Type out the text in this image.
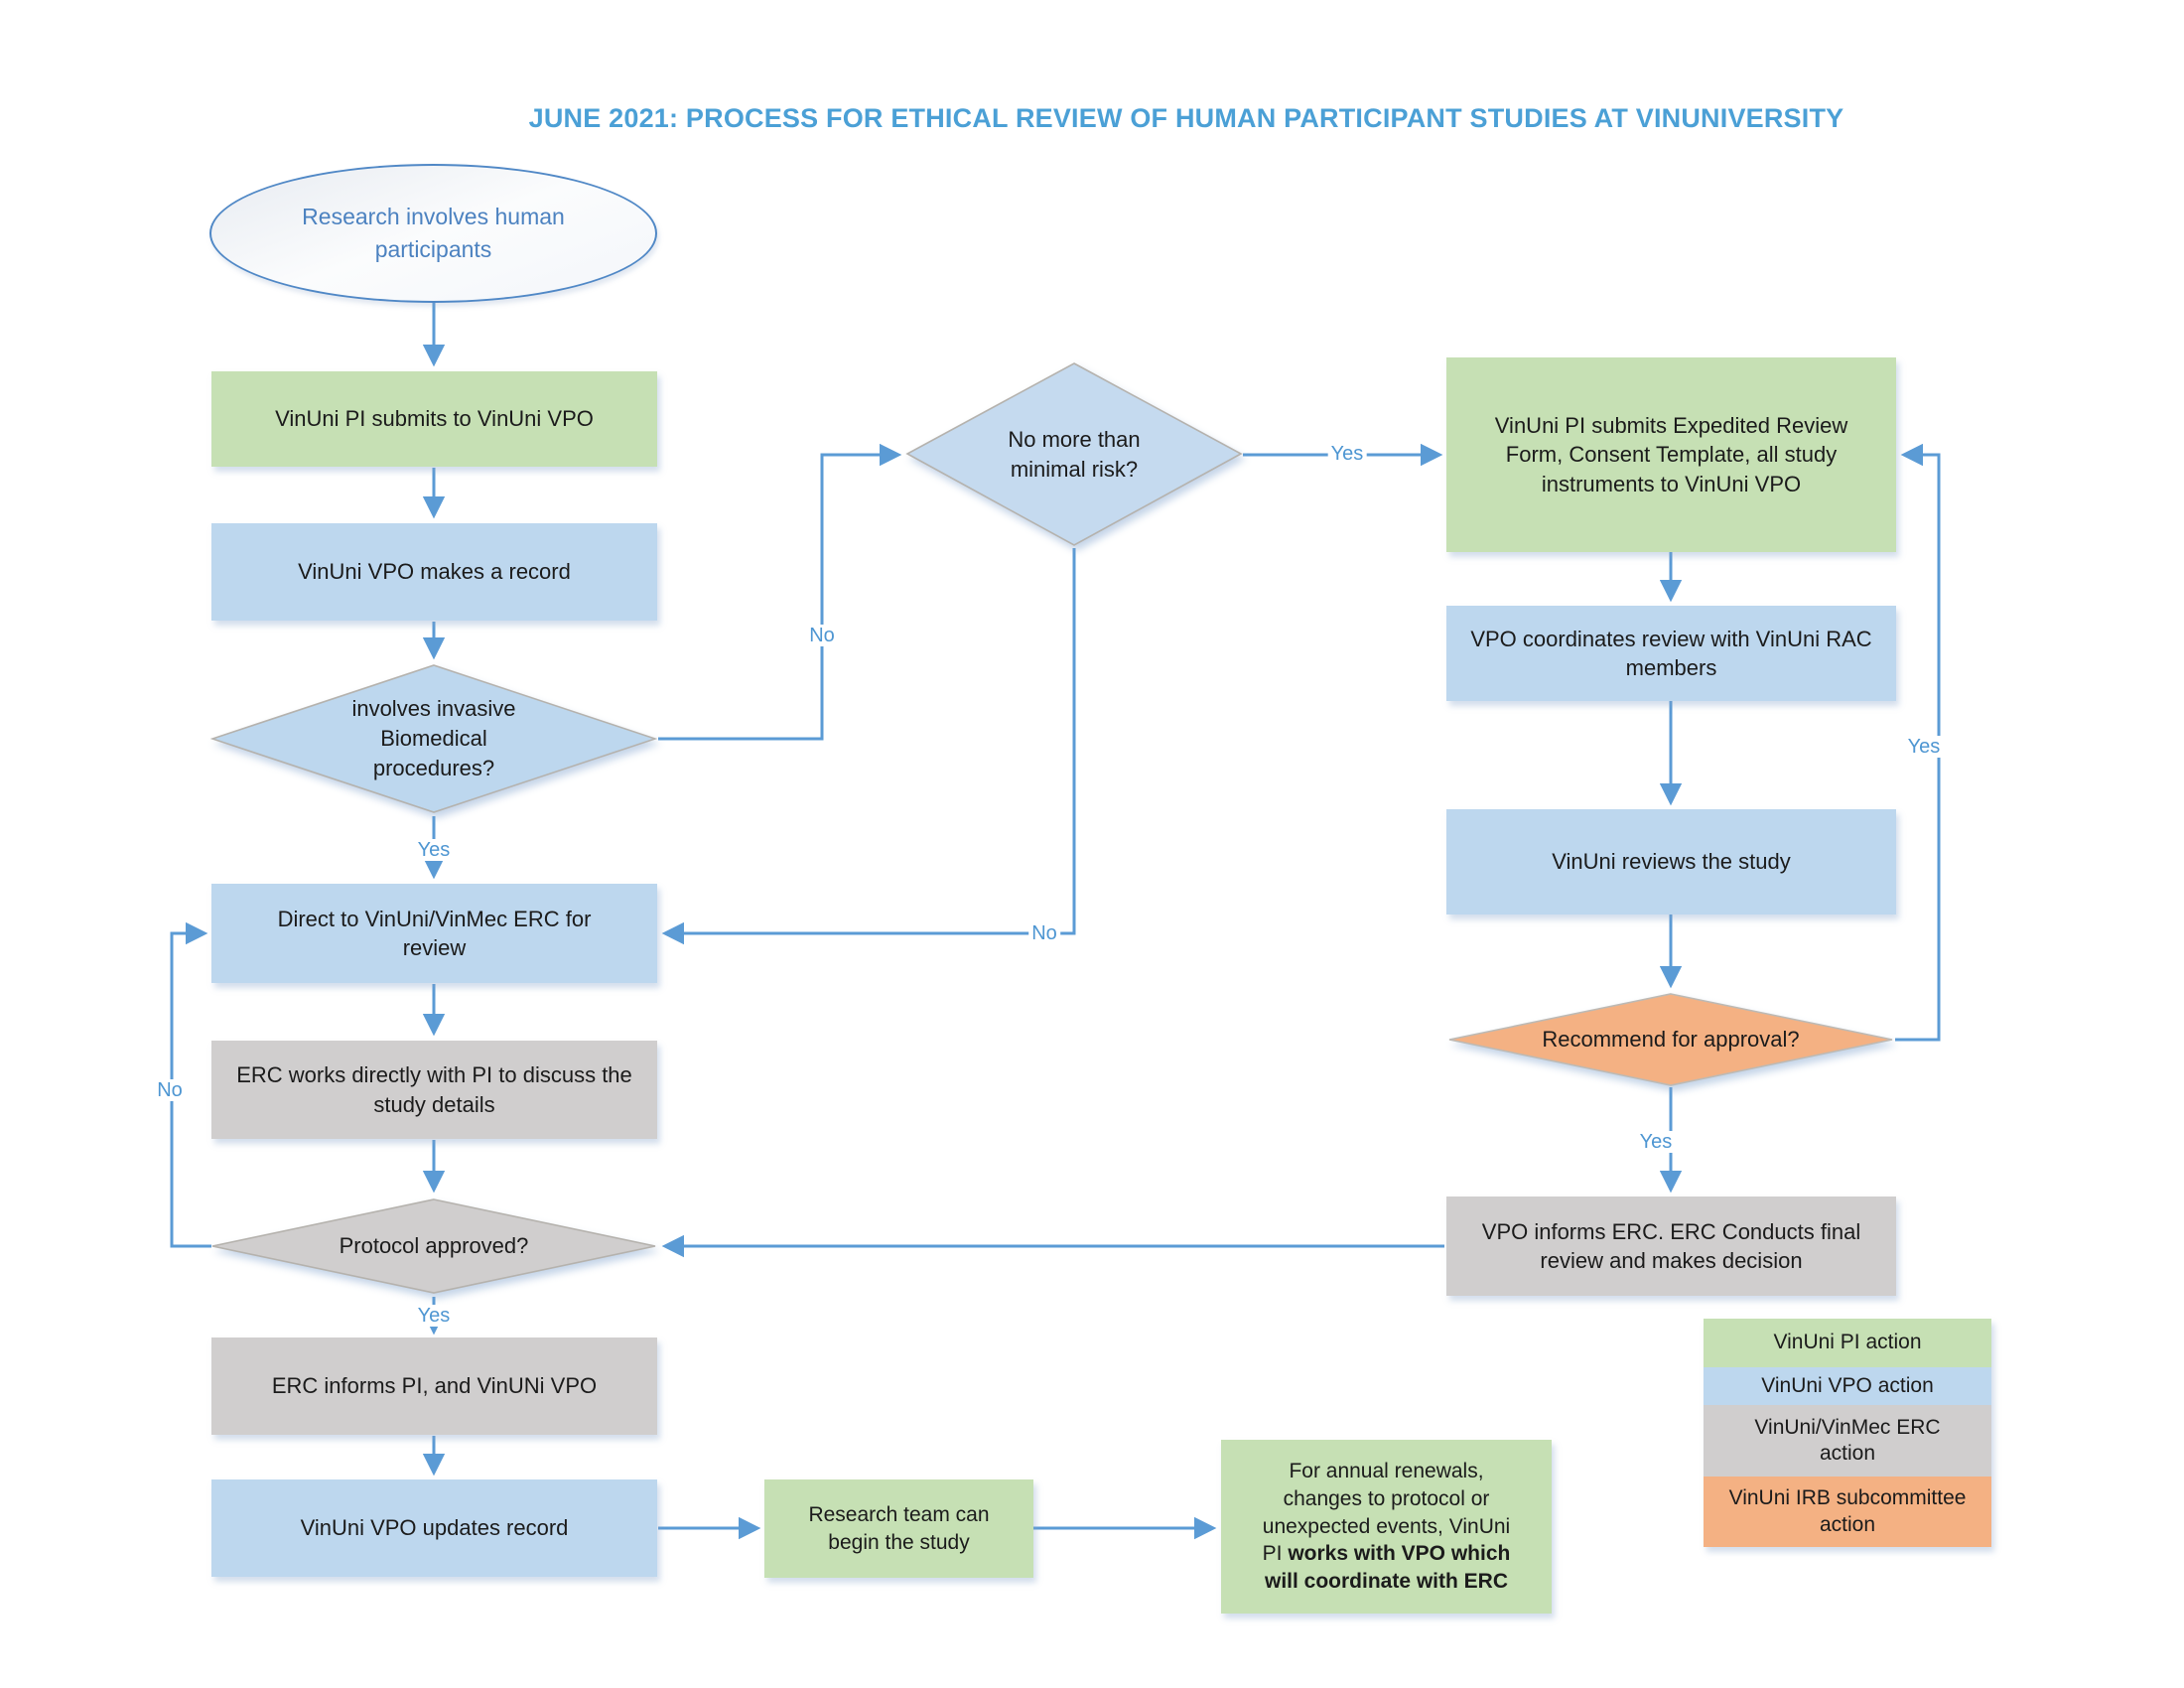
JUNE 2021: PROCESS FOR ETHICAL REVIEW OF HUMAN PARTICIPANT STUDIES AT VINUNIVERSITY
Yes
Yes
No
No
No
Yes
Yes
Yes
Research involves human participants
VinUni PI submits to VinUni VPO
VinUni VPO makes a record
involves invasive Biomedical procedures?
Direct to VinUni/VinMec ERC for review
ERC works directly with PI to discuss the study details
Protocol approved?
ERC informs PI, and VinUNi VPO
VinUni VPO updates record
No more than minimal risk?
VinUni PI submits Expedited Review Form, Consent Template, all study instruments to VinUni VPO
VPO coordinates review with VinUni RAC members
VinUni reviews the study
Recommend for approval?
VPO informs ERC. ERC Conducts final review and makes decision
Research team can begin the study
For annual renewals, changes to protocol or unexpected events, VinUni PI works with VPO which will coordinate with ERC
VinUni PI action
VinUni VPO action
VinUni/VinMec ERC action
VinUni IRB subcommittee action
